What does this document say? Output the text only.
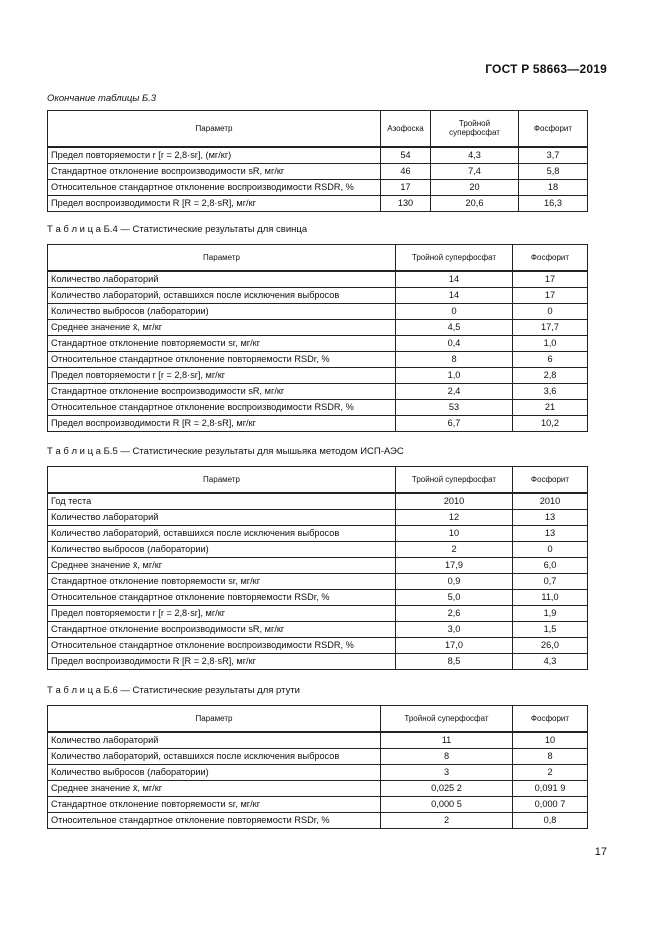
ГОСТ Р 58663—2019
Окончание таблицы Б.3
Параметр	Азофоска	Тройной суперфосфат	Фосфорит
Предел повторяемости r [r = 2,8·sr], (мг/кг)	54	4,3	3,7
Стандартное отклонение воспроизводимости sR, мг/кг	46	7,4	5,8
Относительное стандартное отклонение воспроизводимости RSDR, %	17	20	18
Предел воспроизводимости R [R = 2,8·sR], мг/кг	130	20,6	16,3
Т а б л и ц а Б.4 — Статистические результаты для свинца
Параметр	Тройной суперфосфат	Фосфорит
Количество лабораторий	14	17
Количество лабораторий, оставшихся после исключения выбросов	14	17
Количество выбросов (лаборатории)	0	0
Среднее значение x̄, мг/кг	4,5	17,7
Стандартное отклонение повторяемости sr, мг/кг	0,4	1,0
Относительное стандартное отклонение повторяемости RSDr, %	8	6
Предел повторяемости r [r = 2,8·sr], мг/кг	1,0	2,8
Стандартное отклонение воспроизводимости sR, мг/кг	2,4	3,6
Относительное стандартное отклонение воспроизводимости RSDR, %	53	21
Предел воспроизводимости R [R = 2,8·sR], мг/кг	6,7	10,2
Т а б л и ц а Б.5 — Статистические результаты для мышьяка методом ИСП-АЭС
Параметр	Тройной суперфосфат	Фосфорит
Год теста	2010	2010
Количество лабораторий	12	13
Количество лабораторий, оставшихся после исключения выбросов	10	13
Количество выбросов (лаборатории)	2	0
Среднее значение x̄, мг/кг	17,9	6,0
Стандартное отклонение повторяемости sr, мг/кг	0,9	0,7
Относительное стандартное отклонение повторяемости RSDr, %	5,0	11,0
Предел повторяемости r [r = 2,8·sr], мг/кг	2,6	1,9
Стандартное отклонение воспроизводимости sR, мг/кг	3,0	1,5
Относительное стандартное отклонение воспроизводимости RSDR, %	17,0	26,0
Предел воспроизводимости R [R = 2,8·sR], мг/кг	8,5	4,3
Т а б л и ц а Б.6 — Статистические результаты для ртути
Параметр	Тройной суперфосфат	Фосфорит
Количество лабораторий	11	10
Количество лабораторий, оставшихся после исключения выбросов	8	8
Количество выбросов (лаборатории)	3	2
Среднее значение x̄, мг/кг	0,025 2	0,091 9
Стандартное отклонение повторяемости sr, мг/кг	0,000 5	0,000 7
Относительное стандартное отклонение повторяемости RSDr, %	2	0,8
17
